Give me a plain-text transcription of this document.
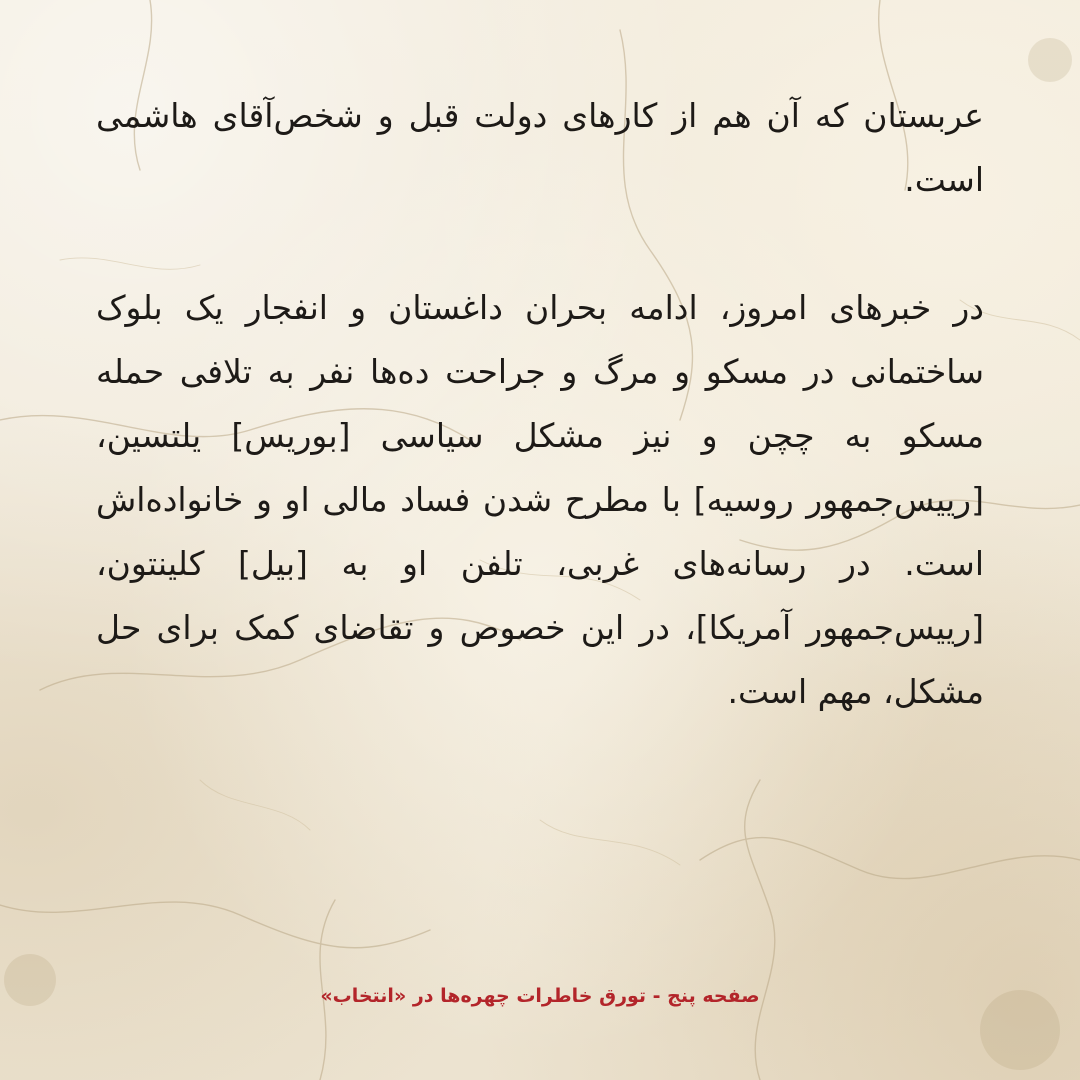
عربستان که آن هم از کارهای دولت قبل و شخص‌آقای هاشمی است.

در خبرهای امروز، ادامه بحران داغستان و انفجار یک بلوک ساختمانی در مسکو و مرگ و جراحت ده‌ها نفر به تلافی حمله مسکو به چچن و نیز مشکل سیاسی [بوریس] یلتسین، [رییس‌جمهور روسیه] با مطرح شدن فساد مالی او و خانواده‌اش است. در رسانه‌های غربی، تلفن او به [بیل] کلینتون، [رییس‌جمهور آمریکا]، در این خصوص و تقاضای کمک برای حل مشکل، مهم است.

صفحه پنج - تورق خاطرات چهره‌ها در «انتخاب»
